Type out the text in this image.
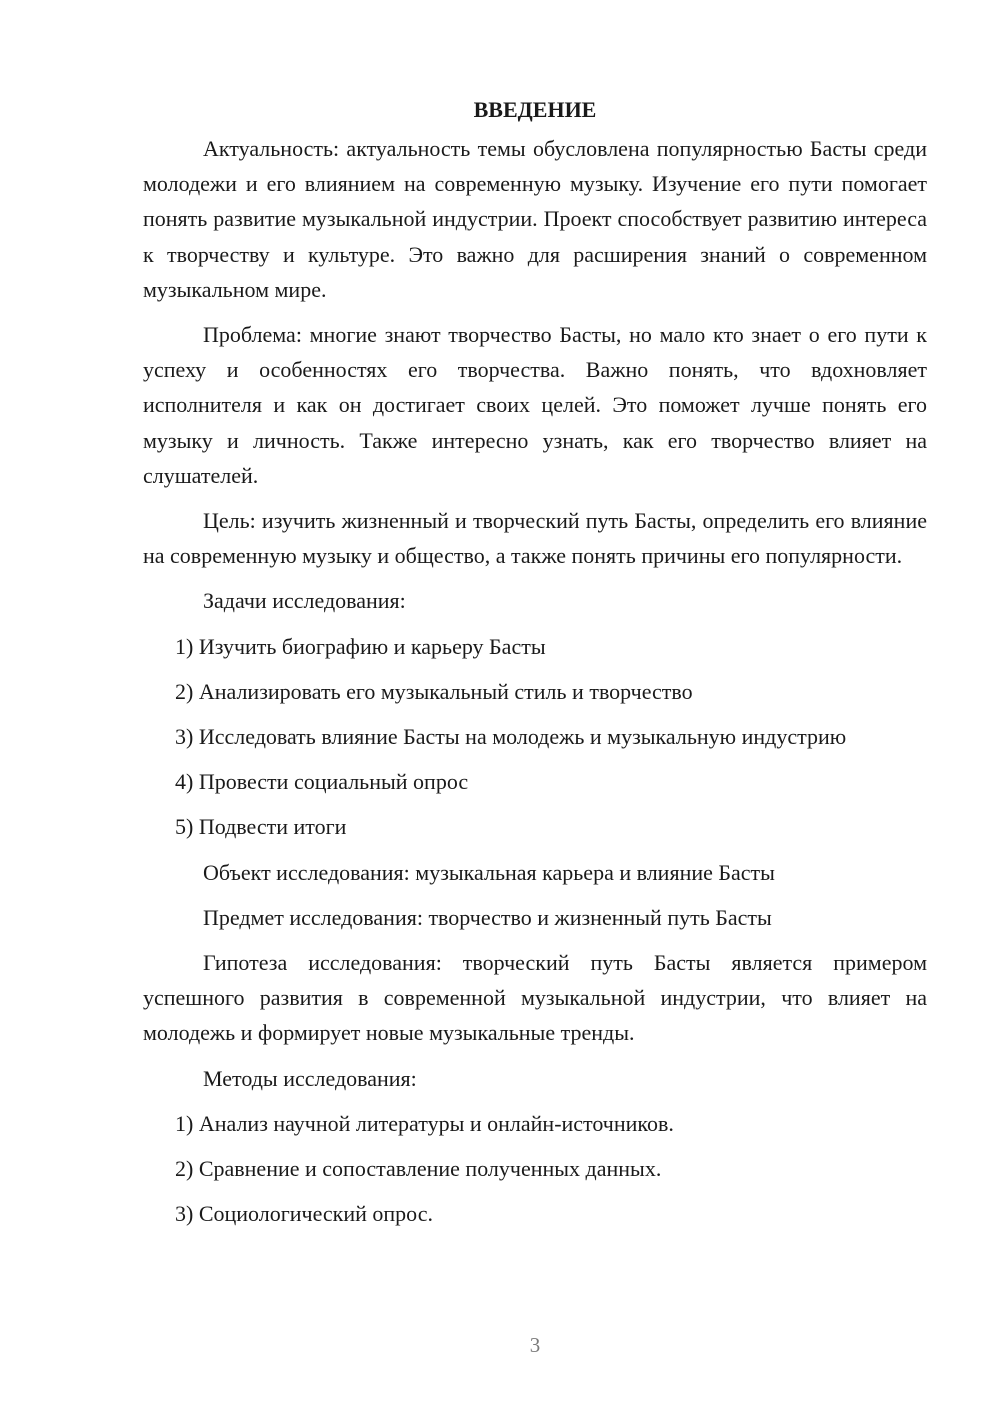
ВВЕДЕНИЕ

Актуальность: актуальность темы обусловлена популярностью Басты среди молодежи и его влиянием на современную музыку. Изучение его пути помогает понять развитие музыкальной индустрии. Проект способствует развитию интереса к творчеству и культуре. Это важно для расширения знаний о современном музыкальном мире.

Проблема: многие знают творчество Басты, но мало кто знает о его пути к успеху и особенностях его творчества. Важно понять, что вдохновляет исполнителя и как он достигает своих целей. Это поможет лучше понять его музыку и личность. Также интересно узнать, как его творчество влияет на слушателей.

Цель: изучить жизненный и творческий путь Басты, определить его влияние на современную музыку и общество, а также понять причины его популярности.

Задачи исследования:

1) Изучить биографию и карьеру Басты

2) Анализировать его музыкальный стиль и творчество

3) Исследовать влияние Басты на молодежь и музыкальную индустрию

4) Провести социальный опрос

5) Подвести итоги

Объект исследования: музыкальная карьера и влияние Басты

Предмет исследования: творчество и жизненный путь Басты

Гипотеза исследования: творческий путь Басты является примером успешного развития в современной музыкальной индустрии, что влияет на молодежь и формирует новые музыкальные тренды.

Методы исследования:

1) Анализ научной литературы и онлайн-источников.

2) Сравнение и сопоставление полученных данных.

3) Социологический опрос.

3
